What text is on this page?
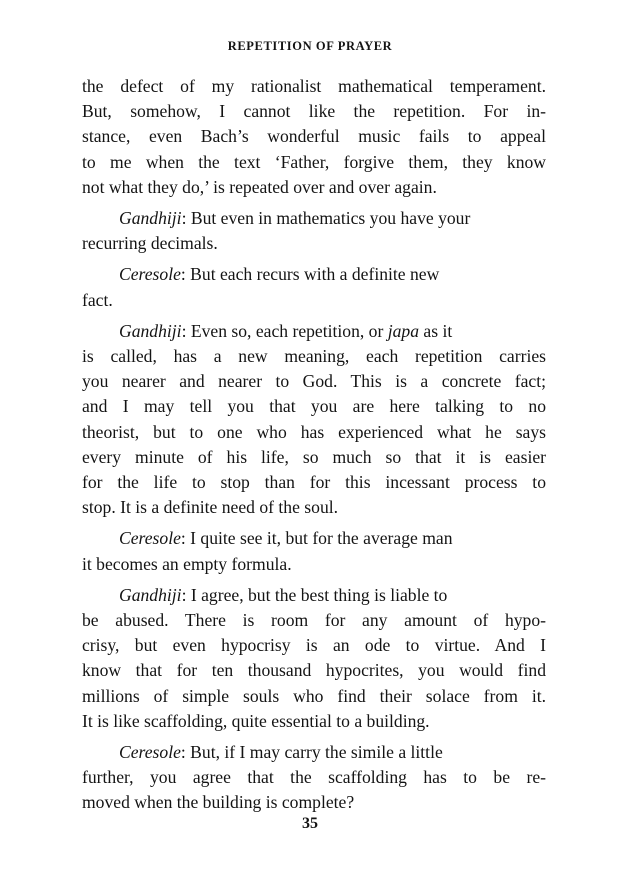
REPETITION OF PRAYER

the defect of my rationalist mathematical temperament.
But, somehow, I cannot like the repetition. For in-
stance, even Bach’s wonderful music fails to appeal
to me when the text ‘Father, forgive them, they know
not what they do,’ is repeated over and over again.

Gandhiji: But even in mathematics you have your
recurring decimals.

Ceresole: But each recurs with a definite new
fact.

Gandhiji: Even so, each repetition, or japa as it
is called, has a new meaning, each repetition carries
you nearer and nearer to God. This is a concrete fact;
and I may tell you that you are here talking to no
theorist, but to one who has experienced what he says
every minute of his life, so much so that it is easier
for the life to stop than for this incessant process to
stop. It is a definite need of the soul.

Ceresole: I quite see it, but for the average man
it becomes an empty formula.

Gandhiji: I agree, but the best thing is liable to
be abused. There is room for any amount of hypo-
crisy, but even hypocrisy is an ode to virtue. And I
know that for ten thousand hypocrites, you would find
millions of simple souls who find their solace from it.
It is like scaffolding, quite essential to a building.

Ceresole: But, if I may carry the simile a little
further, you agree that the scaffolding has to be re-
moved when the building is complete?

35
